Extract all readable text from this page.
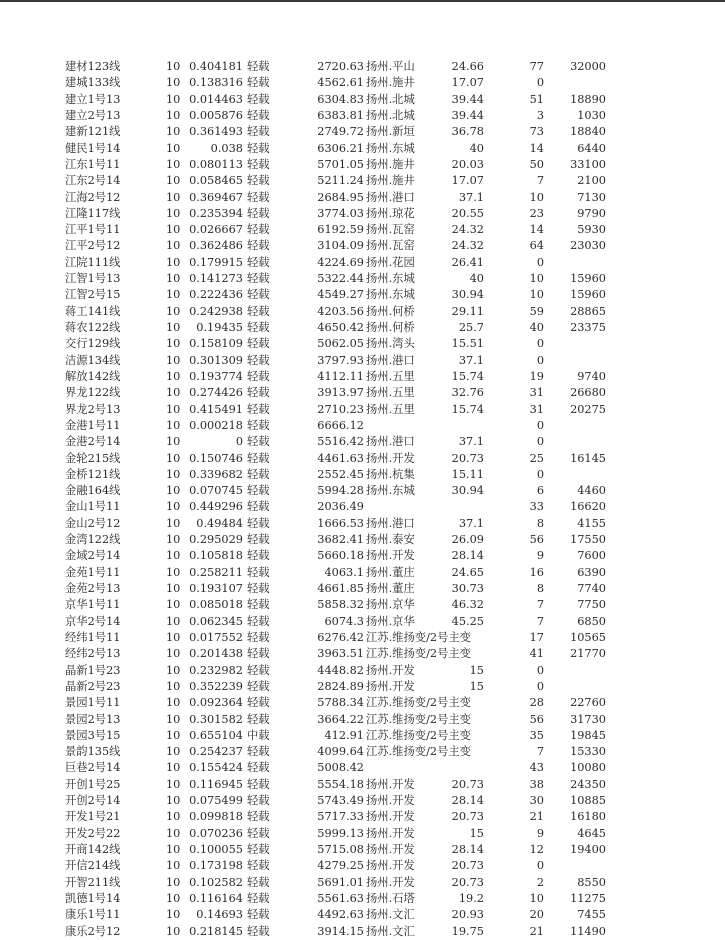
建材123线	10 0.404181 轻载	2720.63 扬州.平山	24.66	77	32000
建城133线	10 0.138316 轻载	4562.61 扬州.施井	17.07	0
建立1号13	10 0.014463 轻载	6304.83 扬州.北城	39.44	51	18890
建立2号13	10 0.005876 轻载	6383.81 扬州.北城	39.44	3	1030
建新121线	10 0.361493 轻载	2749.72 扬州.新垣	36.78	73	18840
健民1号14	10	0.038 轻载	6306.21 扬州.东城	40	14	6440
江东1号11	10 0.080113 轻载	5701.05 扬州.施井	20.03	50	33100
江东2号14	10 0.058465 轻载	5211.24 扬州.施井	17.07	7	2100
江海2号12	10 0.369467 轻载	2684.95 扬州.港口	37.1	10	7130
江隆117线	10 0.235394 轻载	3774.03 扬州.琼花	20.55	23	9790
江平1号11	10 0.026667 轻载	6192.59 扬州.瓦窑	24.32	14	5930
江平2号12	10 0.362486 轻载	3104.09 扬州.瓦窑	24.32	64	23030
江院111线	10 0.179915 轻载	4224.69 扬州.花园	26.41	0
江智1号13	10 0.141273 轻载	5322.44 扬州.东城	40	10	15960
江智2号15	10 0.222436 轻载	4549.27 扬州.东城	30.94	10	15960
蒋工141线	10 0.242938 轻载	4203.56 扬州.何桥	29.11	59	28865
蒋农122线	10	0.19435 轻载	4650.42 扬州.何桥	25.7	40	23375
交行129线	10 0.158109 轻载	5062.05 扬州.湾头	15.51	0
洁源134线	10 0.301309 轻载	3797.93 扬州.港口	37.1	0
解放142线	10 0.193774 轻载	4112.11 扬州.五里	15.74	19	9740
界龙122线	10 0.274426 轻载	3913.97 扬州.五里	32.76	31	26680
界龙2号13	10 0.415491 轻载	2710.23 扬州.五里	15.74	31	20275
金港1号11	10 0.000218 轻载	6666.12	0
金港2号14	10	0 轻载	5516.42 扬州.港口	37.1	0
金轮215线	10 0.150746 轻载	4461.63 扬州.开发	20.73	25	16145
金桥121线	10 0.339682 轻载	2552.45 扬州.杭集	15.11	0
金融164线	10 0.070745 轻载	5994.28 扬州.东城	30.94	6	4460
金山1号11	10 0.449296 轻载	2036.49	33	16620
金山2号12	10	0.49484 轻载	1666.53 扬州.港口	37.1	8	4155
金湾122线	10 0.295029 轻载	3682.41 扬州.泰安	26.09	56	17550
金域2号14	10 0.105818 轻载	5660.18 扬州.开发	28.14	9	7600
金苑1号11	10 0.258211 轻载	4063.1 扬州.董庄	24.65	16	6390
金苑2号13	10 0.193107 轻载	4661.85 扬州.董庄	30.73	8	7740
京华1号11	10 0.085018 轻载	5858.32 扬州.京华	46.32	7	7750
京华2号14	10 0.062345 轻载	6074.3 扬州.京华	45.25	7	6850
经纬1号11	10 0.017552 轻载	6276.42 江苏.维扬变/2号主变	17	10565
经纬2号13	10 0.201438 轻载	3963.51 江苏.维扬变/2号主变	41	21770
晶新1号23	10 0.232982 轻载	4448.82 扬州.开发	15	0
晶新2号23	10 0.352239 轻载	2824.89 扬州.开发	15	0
景园1号11	10 0.092364 轻载	5788.34 江苏.维扬变/2号主变	28	22760
景园2号13	10 0.301582 轻载	3664.22 江苏.维扬变/2号主变	56	31730
景园3号15	10 0.655104 中载	412.91 江苏.维扬变/2号主变	35	19845
景韵135线	10 0.254237 轻载	4099.64 江苏.维扬变/2号主变	7	15330
巨巷2号14	10 0.155424 轻载	5008.42	43	10080
开创1号25	10 0.116945 轻载	5554.18 扬州.开发	20.73	38	24350
开创2号14	10 0.075499 轻载	5743.49 扬州.开发	28.14	30	10885
开发1号21	10 0.099818 轻载	5717.33 扬州.开发	20.73	21	16180
开发2号22	10 0.070236 轻载	5999.13 扬州.开发	15	9	4645
开商142线	10 0.100055 轻载	5715.08 扬州.开发	28.14	12	19400
开信214线	10 0.173198 轻载	4279.25 扬州.开发	20.73	0
开智211线	10 0.102582 轻载	5691.01 扬州.开发	20.73	2	8550
凯德1号14	10 0.116164 轻载	5561.63 扬州.石塔	19.2	10	11275
康乐1号11	10	0.14693 轻载	4492.63 扬州.文汇	20.93	20	7455
康乐2号12	10 0.218145 轻载	3914.15 扬州.文汇	19.75	21	11490
